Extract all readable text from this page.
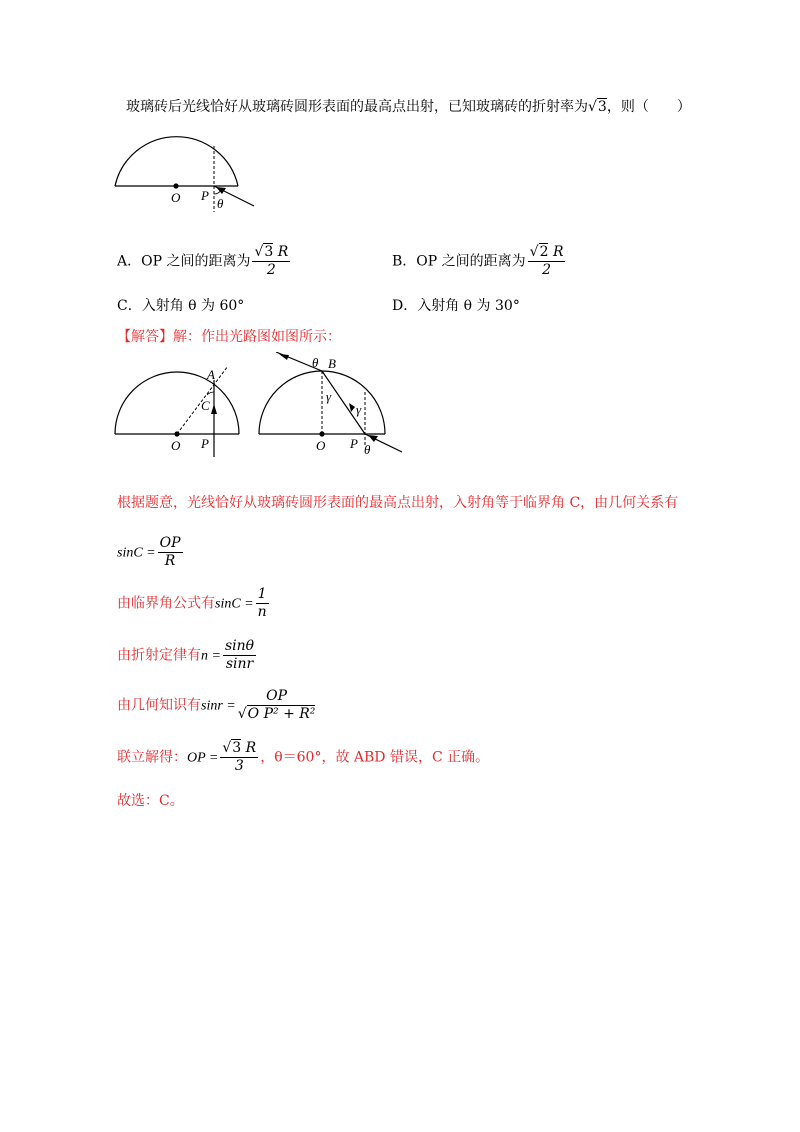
玻璃砖后光线恰好从玻璃砖圆形表面的最高点出射，已知玻璃砖的折射率为√3，则（　　）
O P
θ
A．OP 之间的距离为 $\frac{√3 R}{2}$	B．OP 之间的距离为 $\frac{√2 R}{2}$
C．入射角 θ 为 60°	D．入射角 θ 为 30°
【解答】解：作出光路图如图所示：
A
C
O P
θ B
γ
γ
O P θ
根据题意，光线恰好从玻璃砖圆形表面的最高点出射，入射角等于临界角 C，由几何关系有
$\sin C = \frac{OP}{R}$
由临界角公式有$\sin C = \frac{1}{n}$
由折射定律有$n = \frac{\sin\theta}{\sin r}$
由几何知识有$\sin r = \frac{OP}{\text{√O P² + R²}}$
联立解得：OP = $\frac{√3 R}{3}$ ，θ＝60°，故 ABD 错误，C 正确。
故选：C。
